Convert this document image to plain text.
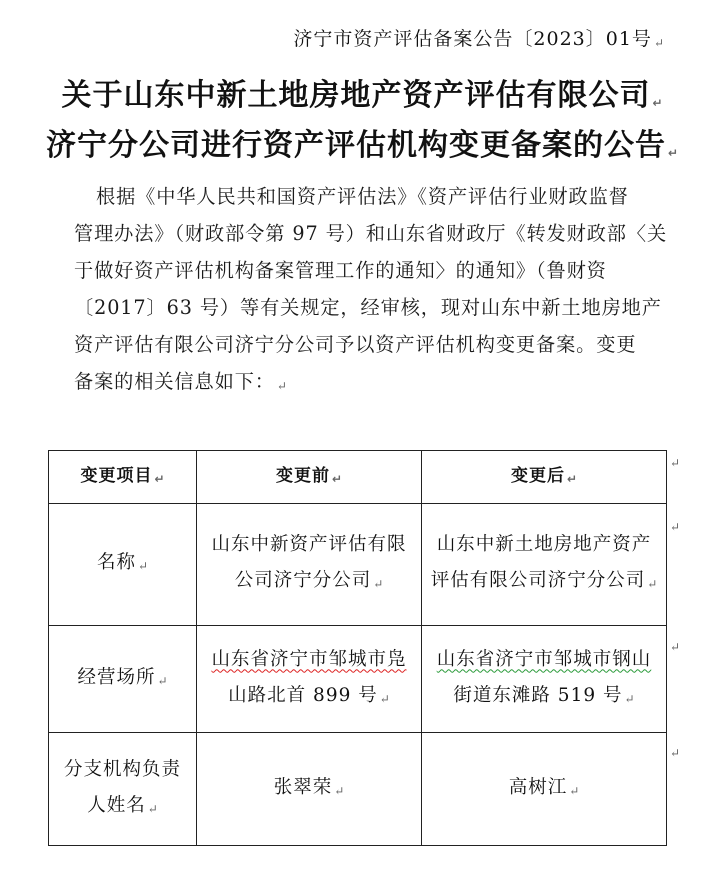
济宁市资产评估备案公告〔2023〕01号 ↵
关于山东中新土地房地产资产评估有限公司 ↵
济宁分公司进行资产评估机构变更备案的公告 ↵
根据《中华人民共和国资产评估法》《资产评估行业财政监督
管理办法》（财政部令第 97 号）和山东省财政厅《转发财政部〈关
于做好资产评估机构备案管理工作的通知〉的通知》（鲁财资
〔2017〕63 号）等有关规定，经审核，现对山东中新土地房地产
资产评估有限公司济宁分公司予以资产评估机构变更备案。变更
备案的相关信息如下： ↵
变更项目 ↵	变更前 ↵	变更后 ↵

名称 ↵	山东中新资产评估有限
公司济宁分公司 ↵	山东中新土地房地产资产
评估有限公司济宁分公司 ↵

经营场所 ↵	山东省济宁市邹城市凫
山路北首 899 号 ↵	山东省济宁市邹城市钢山
街道东滩路 519 号 ↵

分支机构负责
人姓名 ↵	张翠荣 ↵	高树江 ↵
↵
↵
↵
↵
